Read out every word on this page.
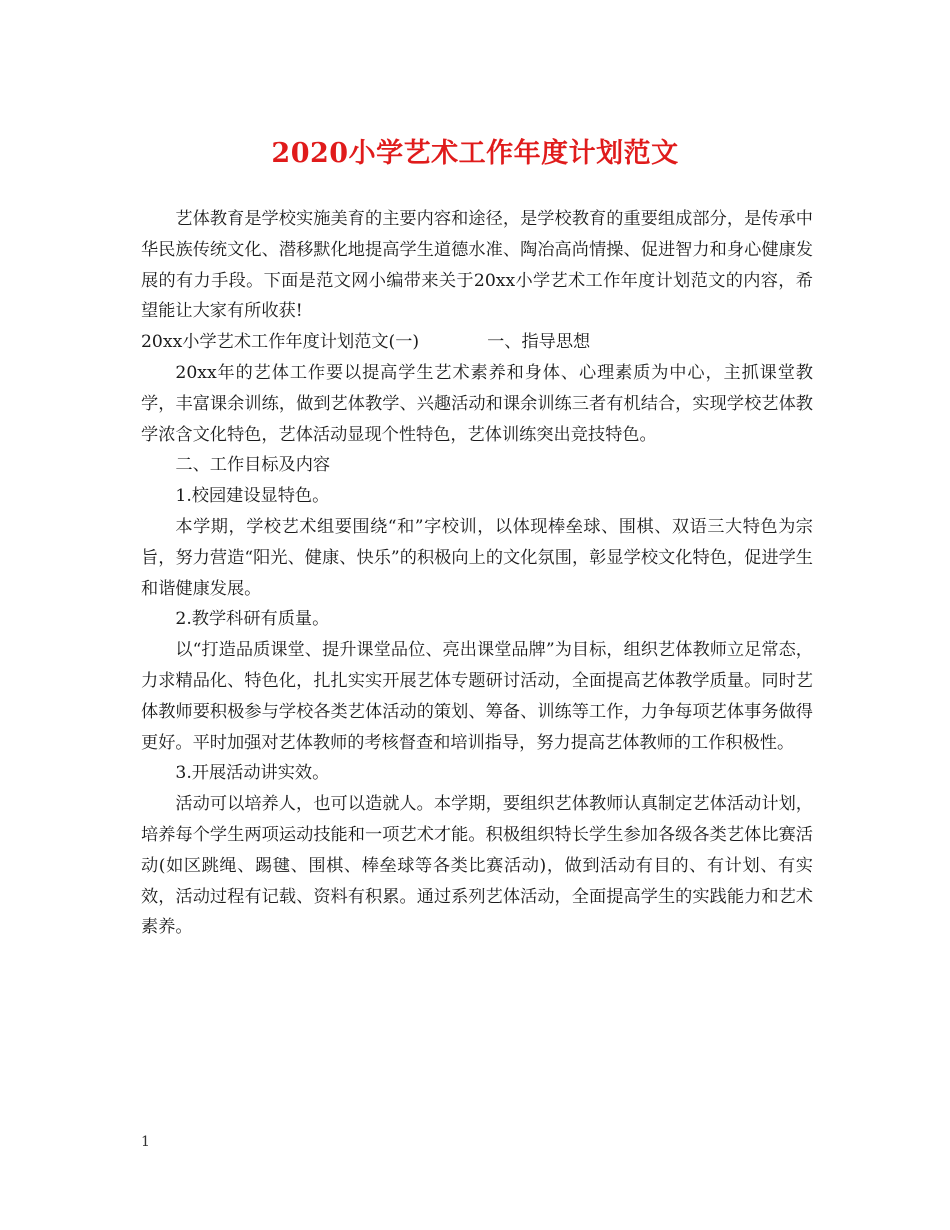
2020小学艺术工作年度计划范文

艺体教育是学校实施美育的主要内容和途径，是学校教育的重要组成部分，是传承中华民族传统文化、潜移默化地提高学生道德水准、陶冶高尚情操、促进智力和身心健康发展的有力手段。下面是范文网小编带来关于20xx小学艺术工作年度计划范文的内容，希望能让大家有所收获!

20xx小学艺术工作年度计划范文(一)	一、指导思想

20xx年的艺体工作要以提高学生艺术素养和身体、心理素质为中心，主抓课堂教学，丰富课余训练，做到艺体教学、兴趣活动和课余训练三者有机结合，实现学校艺体教学浓含文化特色，艺体活动显现个性特色，艺体训练突出竞技特色。

二、工作目标及内容

1.校园建设显特色。

本学期，学校艺术组要围绕“和”字校训，以体现棒垒球、围棋、双语三大特色为宗旨，努力营造“阳光、健康、快乐”的积极向上的文化氛围，彰显学校文化特色，促进学生和谐健康发展。

2.教学科研有质量。

以“打造品质课堂、提升课堂品位、亮出课堂品牌”为目标，组织艺体教师立足常态，力求精品化、特色化，扎扎实实开展艺体专题研讨活动，全面提高艺体教学质量。同时艺体教师要积极参与学校各类艺体活动的策划、筹备、训练等工作，力争每项艺体事务做得更好。平时加强对艺体教师的考核督查和培训指导，努力提高艺体教师的工作积极性。

3.开展活动讲实效。

活动可以培养人，也可以造就人。本学期，要组织艺体教师认真制定艺体活动计划，培养每个学生两项运动技能和一项艺术才能。积极组织特长学生参加各级各类艺体比赛活动(如区跳绳、踢毽、围棋、棒垒球等各类比赛活动)，做到活动有目的、有计划、有实效，活动过程有记载、资料有积累。通过系列艺体活动，全面提高学生的实践能力和艺术素养。

1
